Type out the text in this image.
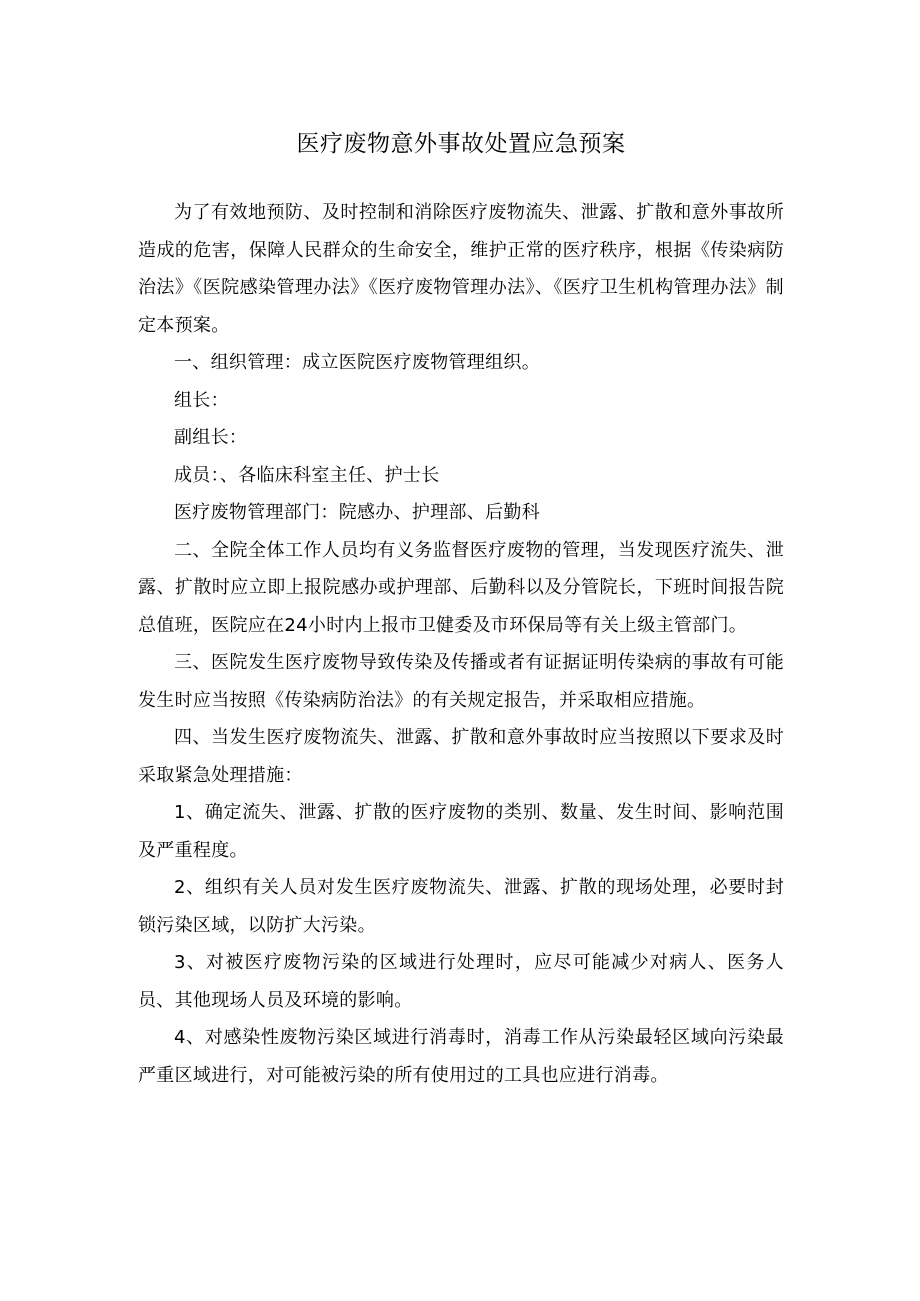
医疗废物意外事故处置应急预案

为了有效地预防、及时控制和消除医疗废物流失、泄露、扩散和意外事故所造成的危害，保障人民群众的生命安全，维护正常的医疗秩序，根据《传染病防治法》《医院感染管理办法》《医疗废物管理办法》、《医疗卫生机构管理办法》制定本预案。

一、组织管理：成立医院医疗废物管理组织。

组长：

副组长：

成员：、各临床科室主任、护士长

医疗废物管理部门：院感办、护理部、后勤科

二、全院全体工作人员均有义务监督医疗废物的管理，当发现医疗流失、泄露、扩散时应立即上报院感办或护理部、后勤科以及分管院长，下班时间报告院总值班，医院应在24小时内上报市卫健委及市环保局等有关上级主管部门。

三、医院发生医疗废物导致传染及传播或者有证据证明传染病的事故有可能发生时应当按照《传染病防治法》的有关规定报告，并采取相应措施。

四、当发生医疗废物流失、泄露、扩散和意外事故时应当按照以下要求及时采取紧急处理措施：

1、确定流失、泄露、扩散的医疗废物的类别、数量、发生时间、影响范围及严重程度。

2、组织有关人员对发生医疗废物流失、泄露、扩散的现场处理，必要时封锁污染区域，以防扩大污染。

3、对被医疗废物污染的区域进行处理时，应尽可能减少对病人、医务人员、其他现场人员及环境的影响。

4、对感染性废物污染区域进行消毒时，消毒工作从污染最轻区域向污染最严重区域进行，对可能被污染的所有使用过的工具也应进行消毒。
